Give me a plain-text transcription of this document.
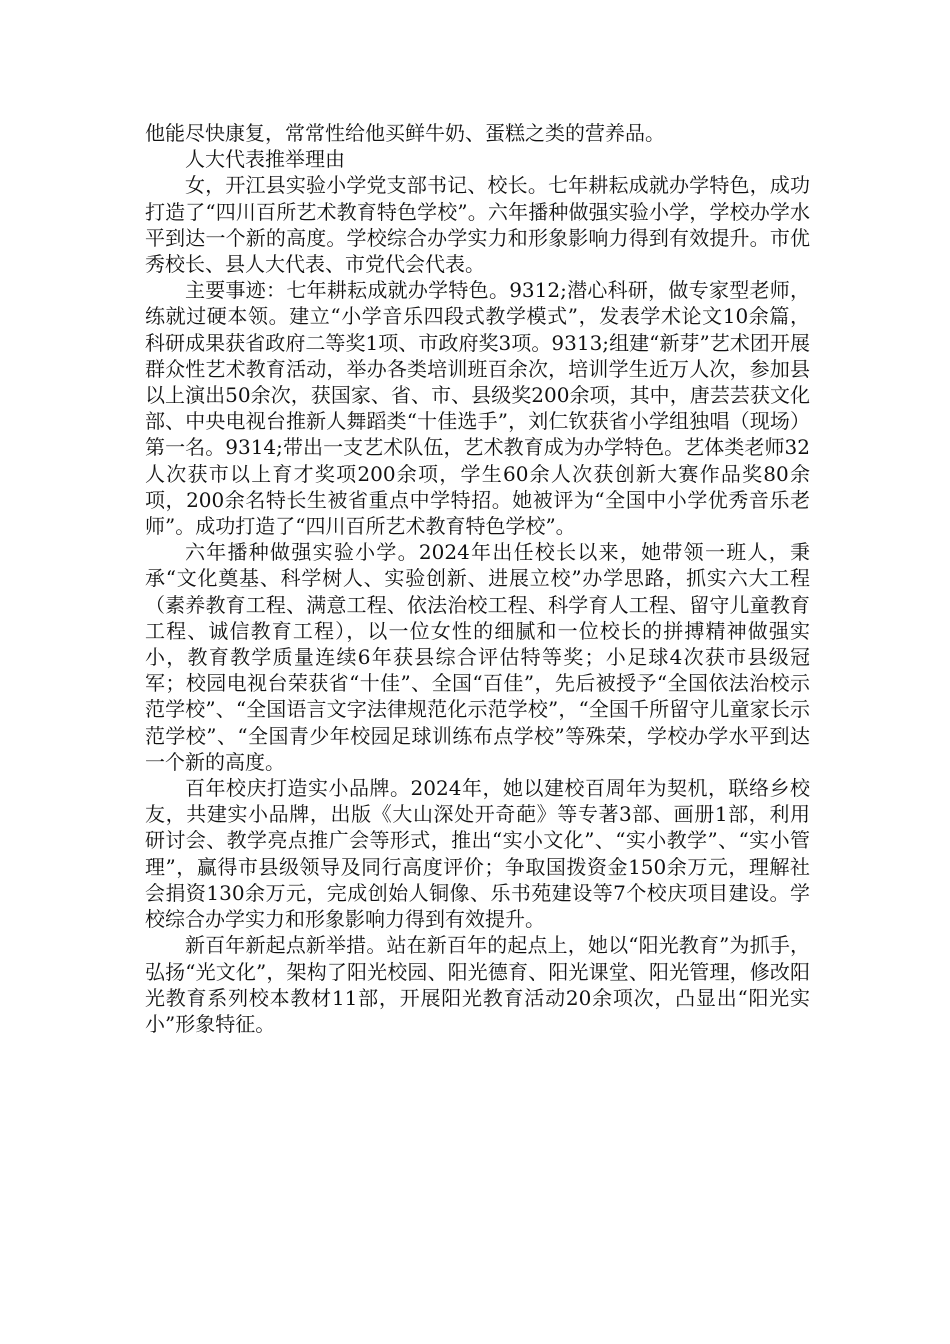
他能尽快康复，常常性给他买鲜牛奶、蛋糕之类的营养品。

人大代表推举理由

女，开江县实验小学党支部书记、校长。七年耕耘成就办学特色，成功打造了“四川百所艺术教育特色学校”。六年播种做强实验小学，学校办学水平到达一个新的高度。学校综合办学实力和形象影响力得到有效提升。市优秀校长、县人大代表、市党代会代表。

主要事迹：七年耕耘成就办学特色。9312;潜心科研，做专家型老师，练就过硬本领。建立“小学音乐四段式教学模式”，发表学术论文10余篇，科研成果获省政府二等奖1项、市政府奖3项。9313;组建“新芽”艺术团开展群众性艺术教育活动，举办各类培训班百余次，培训学生近万人次，参加县以上演出50余次，获国家、省、市、县级奖200余项，其中，唐芸芸获文化部、中央电视台推新人舞蹈类“十佳选手”，刘仁钦获省小学组独唱（现场）第一名。9314;带出一支艺术队伍，艺术教育成为办学特色。艺体类老师32人次获市以上育才奖项200余项，学生60余人次获创新大赛作品奖80余项，200余名特长生被省重点中学特招。她被评为“全国中小学优秀音乐老师”。成功打造了“四川百所艺术教育特色学校”。

六年播种做强实验小学。2024年出任校长以来，她带领一班人，秉承“文化奠基、科学树人、实验创新、进展立校”办学思路，抓实六大工程（素养教育工程、满意工程、依法治校工程、科学育人工程、留守儿童教育工程、诚信教育工程），以一位女性的细腻和一位校长的拼搏精神做强实小，教育教学质量连续6年获县综合评估特等奖；小足球4次获市县级冠军；校园电视台荣获省“十佳”、全国“百佳”，先后被授予“全国依法治校示范学校”、“全国语言文字法律规范化示范学校”，“全国千所留守儿童家长示范学校”、“全国青少年校园足球训练布点学校”等殊荣，学校办学水平到达一个新的高度。

百年校庆打造实小品牌。2024年，她以建校百周年为契机，联络乡校友，共建实小品牌，出版《大山深处开奇葩》等专著3部、画册1部，利用研讨会、教学亮点推广会等形式，推出“实小文化”、“实小教学”、“实小管理”，赢得市县级领导及同行高度评价；争取国拨资金150余万元，理解社会捐资130余万元，完成创始人铜像、乐书苑建设等7个校庆项目建设。学校综合办学实力和形象影响力得到有效提升。

新百年新起点新举措。站在新百年的起点上，她以“阳光教育”为抓手，弘扬“光文化”，架构了阳光校园、阳光德育、阳光课堂、阳光管理，修改阳光教育系列校本教材11部，开展阳光教育活动20余项次，凸显出“阳光实小”形象特征。
